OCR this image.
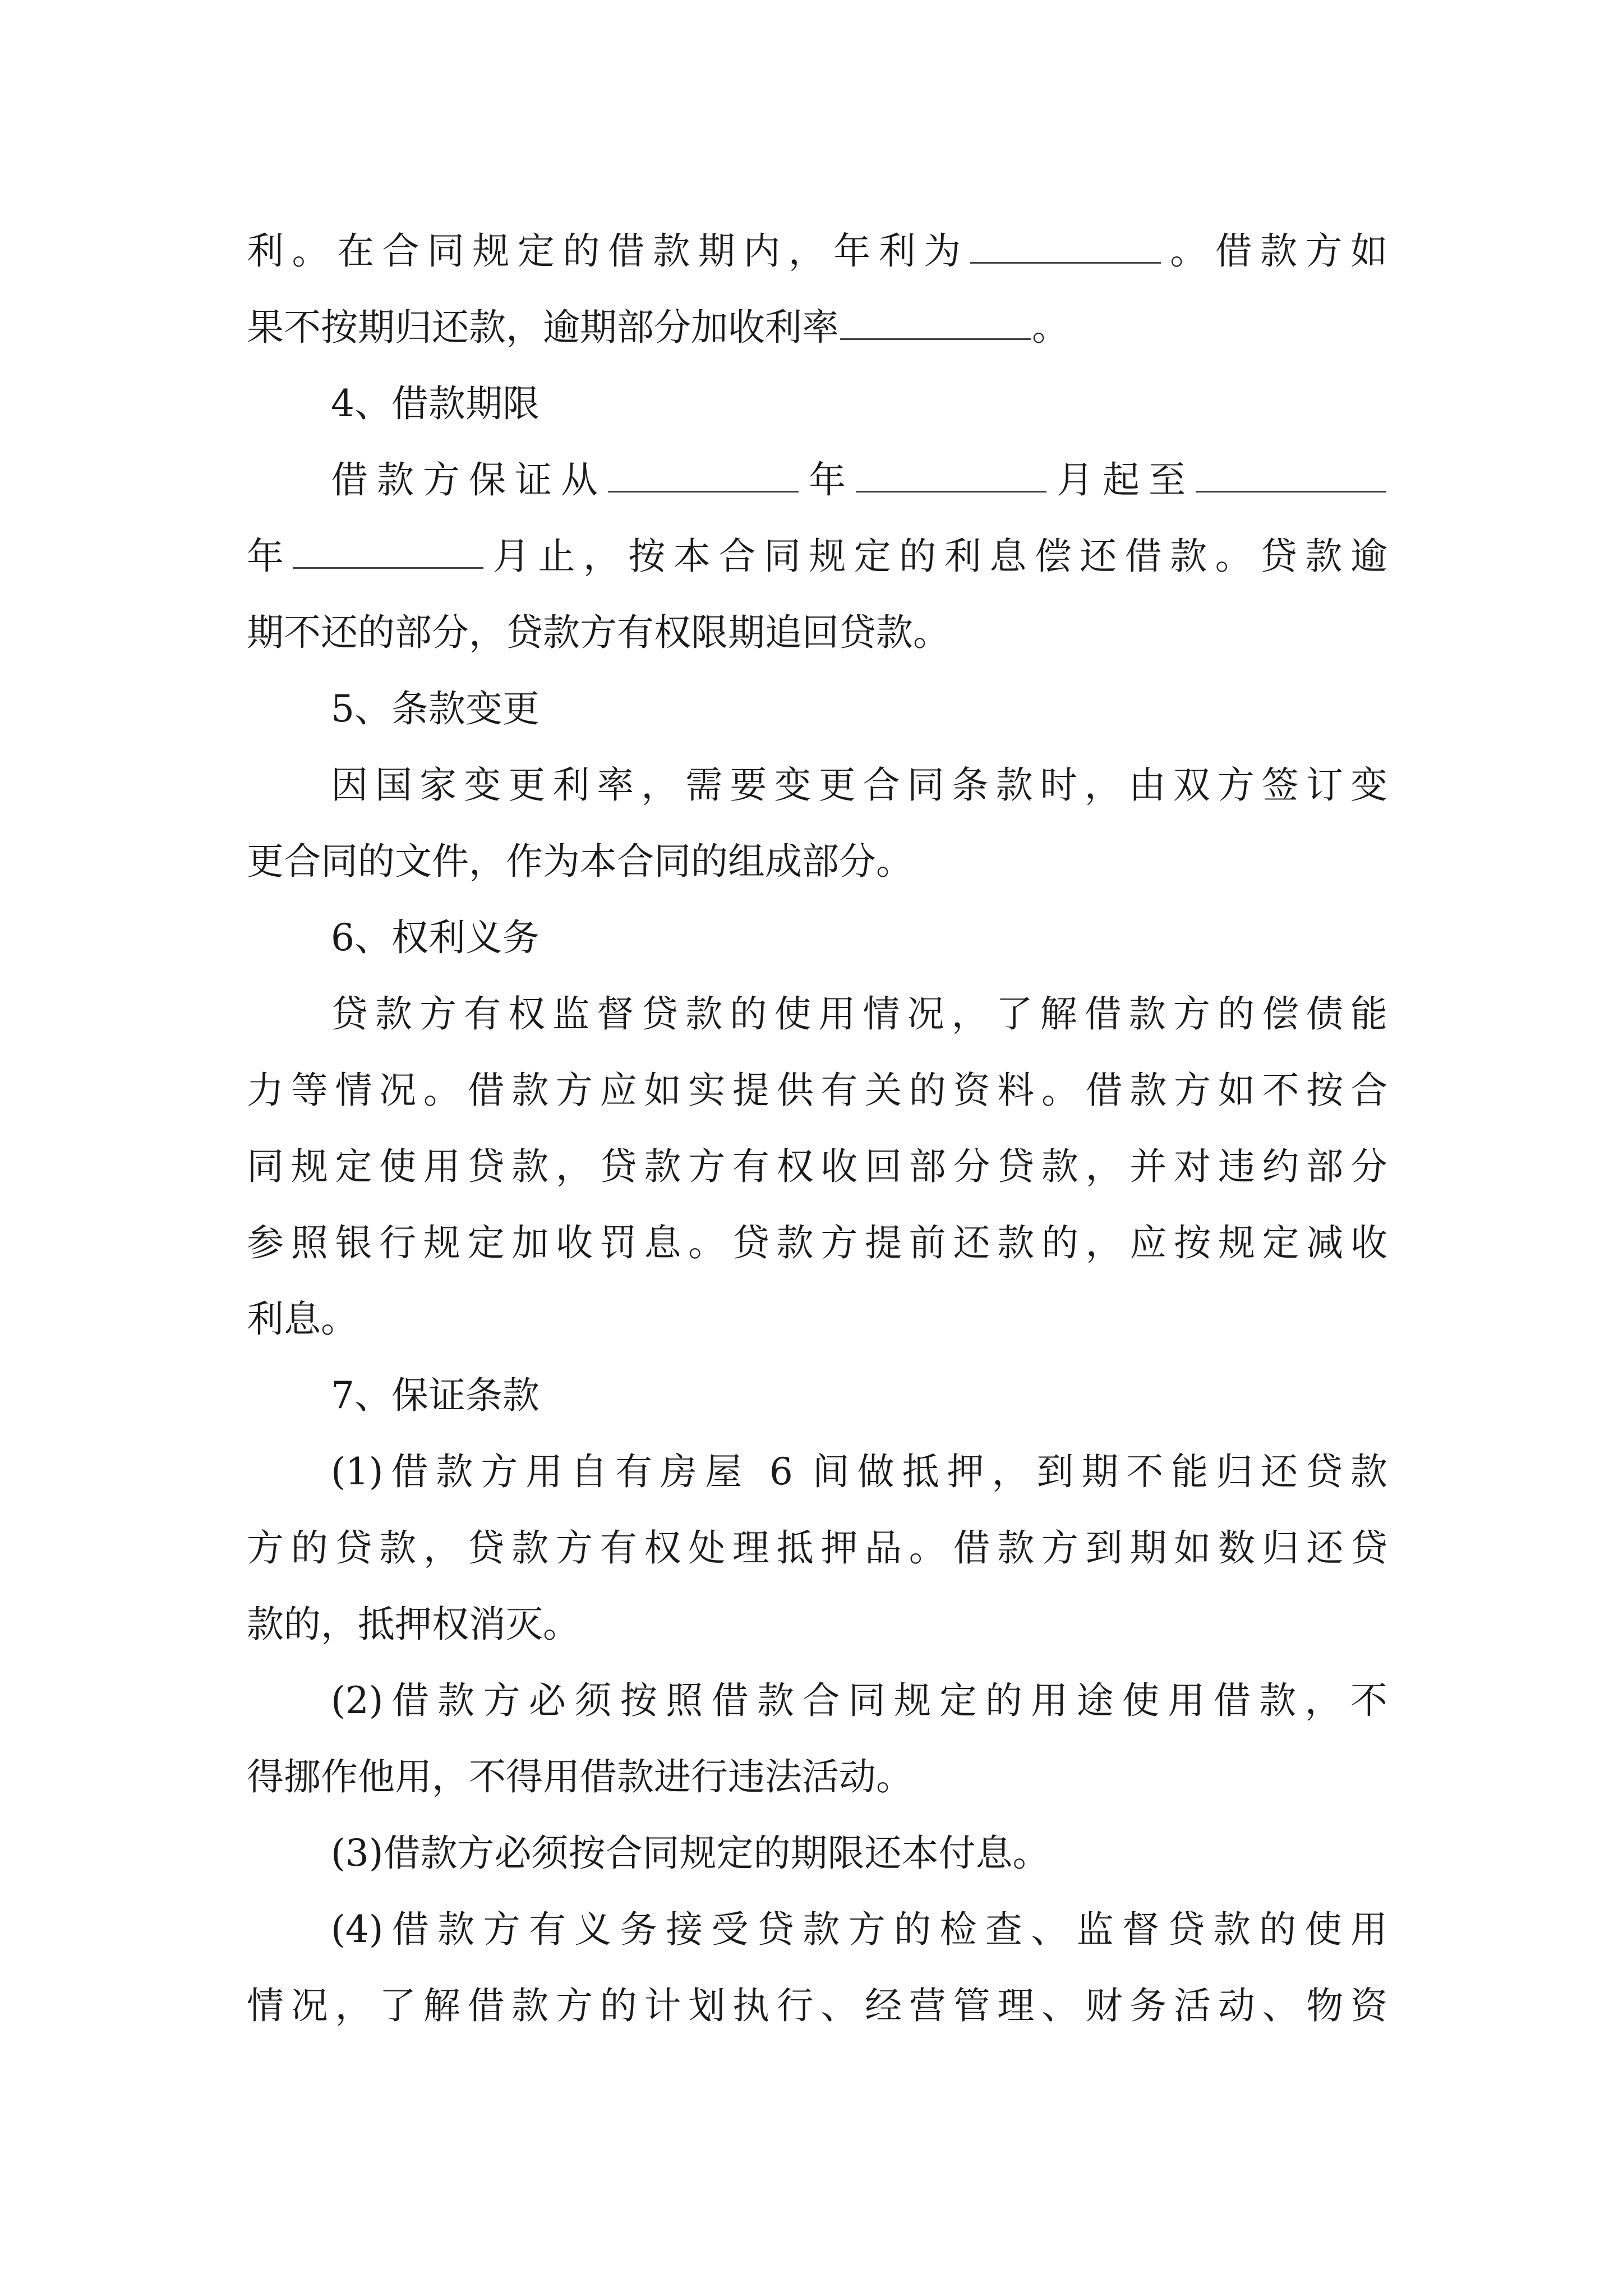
利。在合同规定的借款期内，年利为	。借款方如
果不按期归还款，逾期部分加收利率	。
4、借款期限
借款方保证从	年	月起至
年	月止，按本合同规定的利息偿还借款。贷款逾
期不还的部分，贷款方有权限期追回贷款。
5、条款变更
因国家变更利率，需要变更合同条款时，由双方签订变
更合同的文件，作为本合同的组成部分。
6、权利义务
贷款方有权监督贷款的使用情况，了解借款方的偿债能
力等情况。借款方应如实提供有关的资料。借款方如不按合
同规定使用贷款，贷款方有权收回部分贷款，并对违约部分
参照银行规定加收罚息。贷款方提前还款的，应按规定减收
利息。
7、保证条款
(1)借款方用自有房屋 6 间做抵押，到期不能归还贷款
方的贷款，贷款方有权处理抵押品。借款方到期如数归还贷
款的，抵押权消灭。
(2)借款方必须按照借款合同规定的用途使用借款，不
得挪作他用，不得用借款进行违法活动。
(3)借款方必须按合同规定的期限还本付息。
(4)借款方有义务接受贷款方的检查、监督贷款的使用
情况，了解借款方的计划执行、经营管理、财务活动、物资
